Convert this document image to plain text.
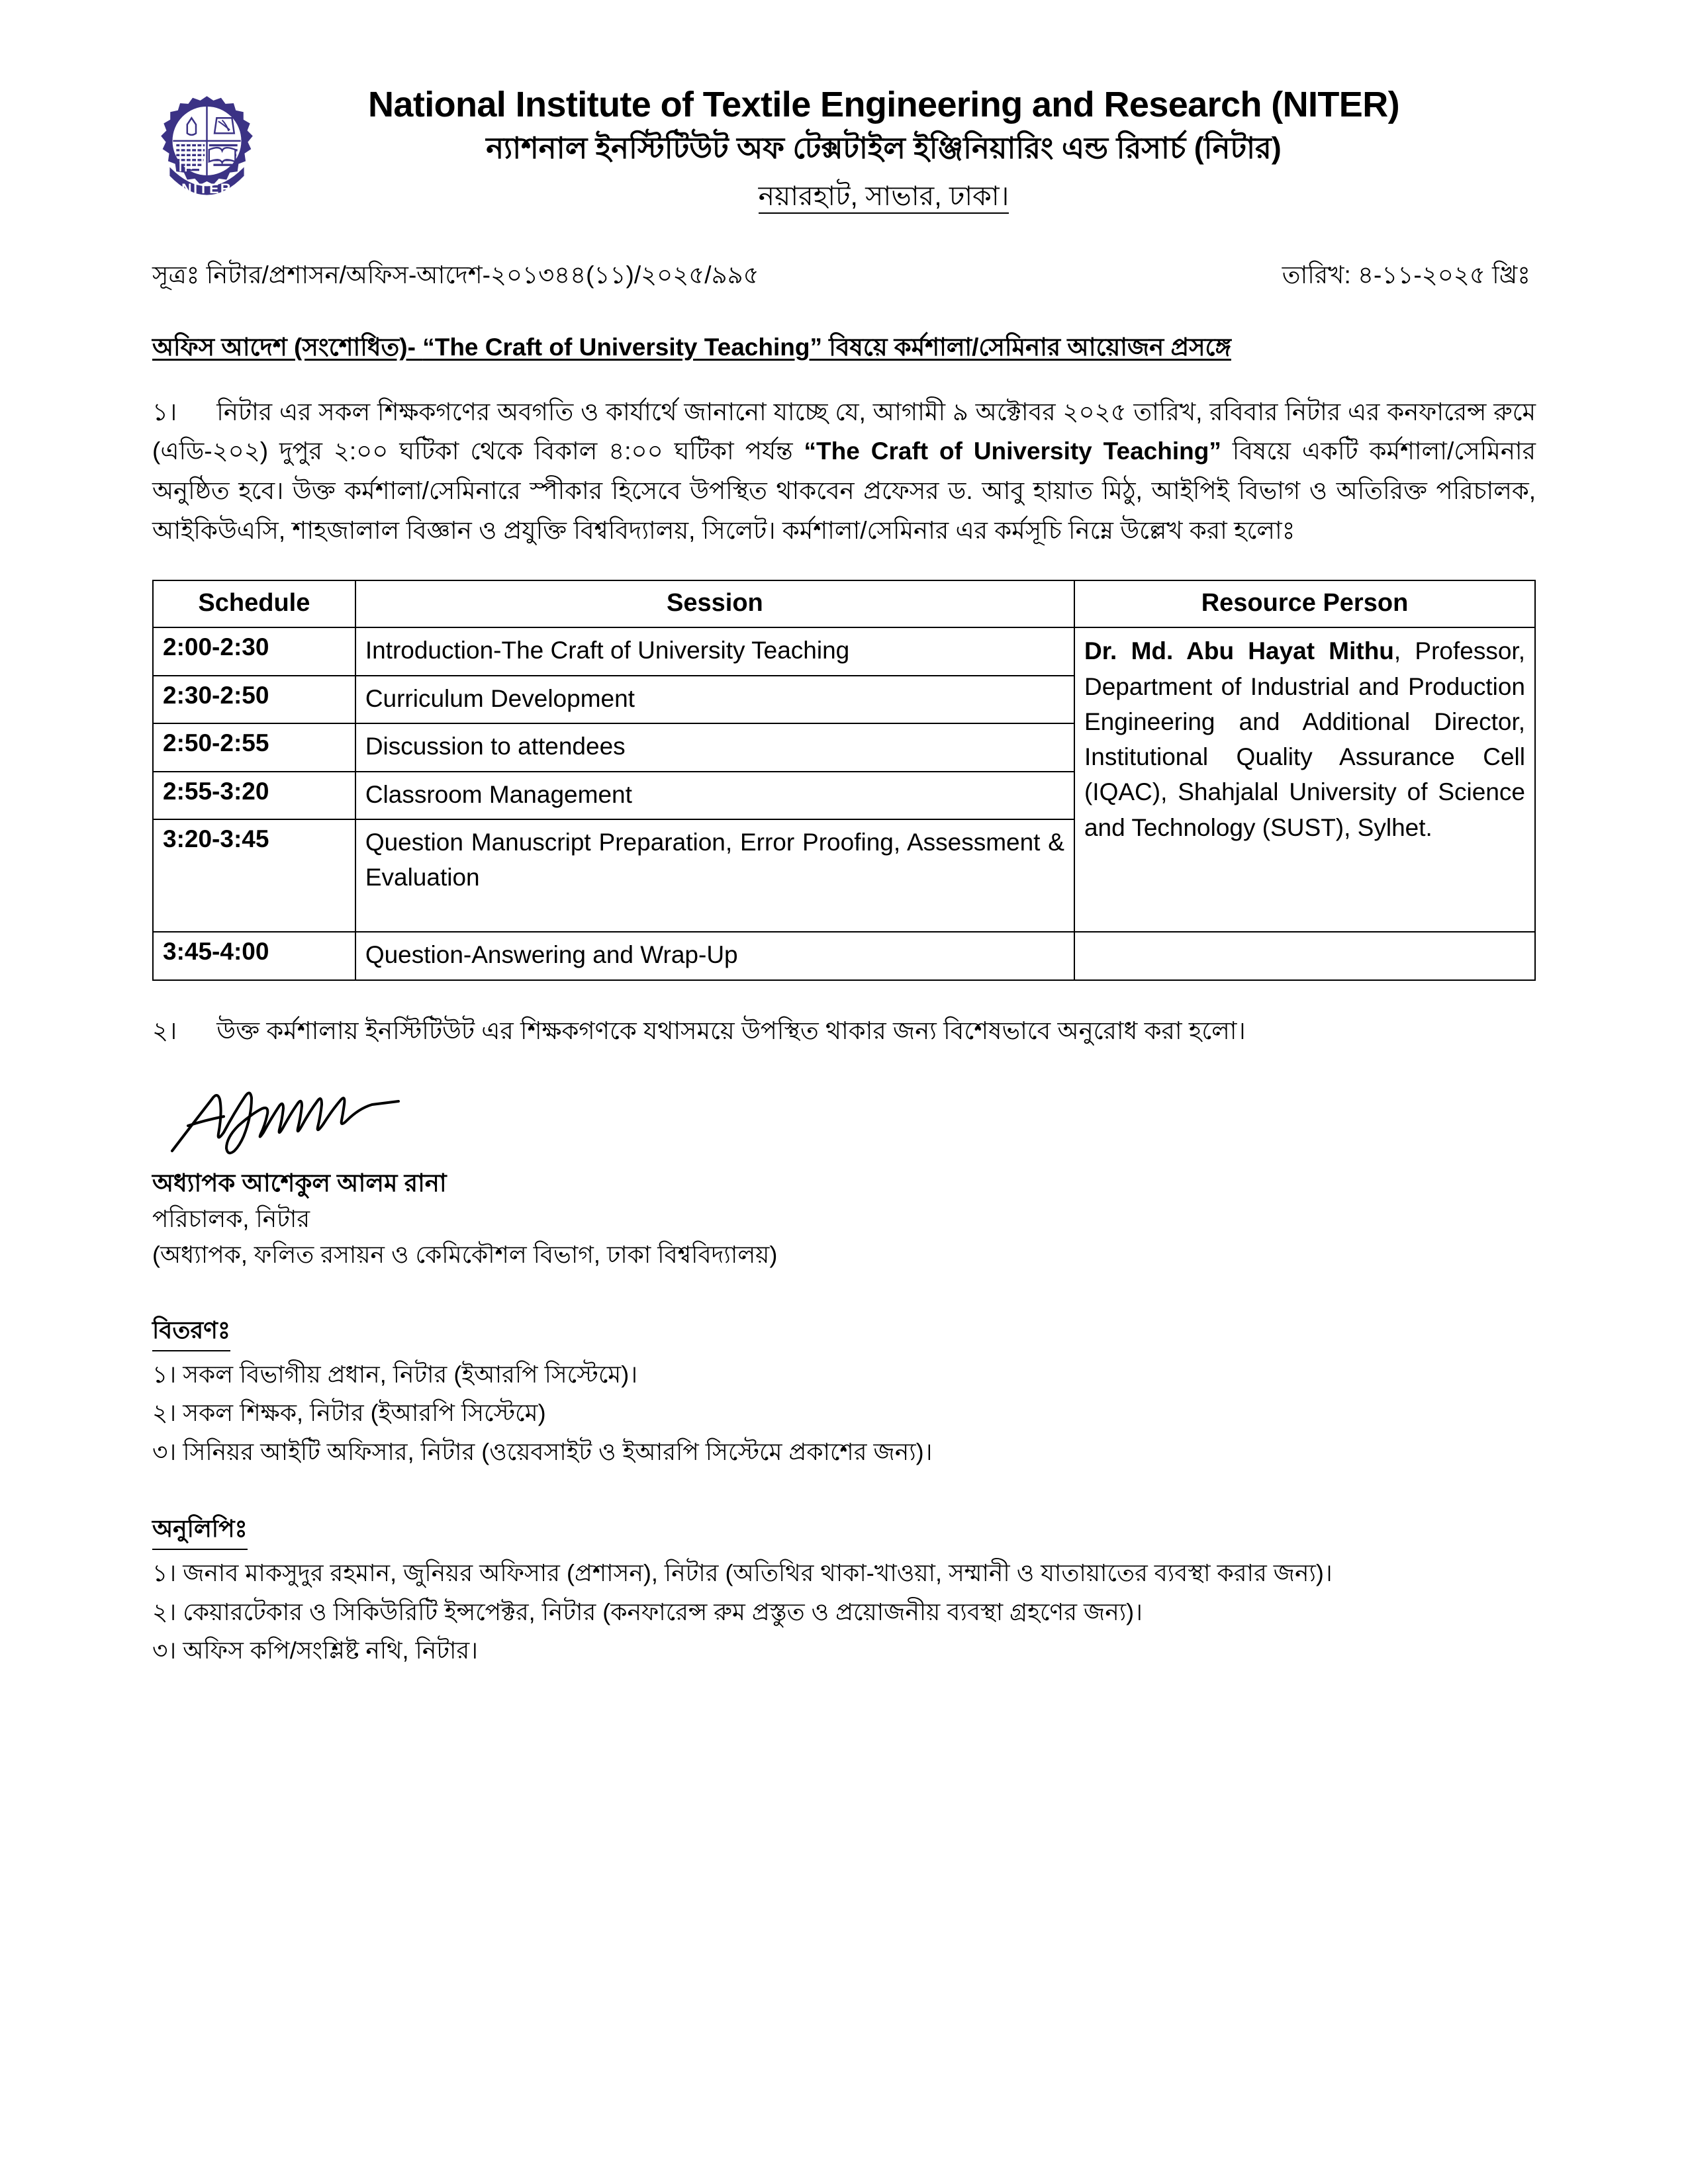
NITER
National Institute of Textile Engineering and Research (NITER)
ন্যাশনাল ইনস্টিটিউট অফ টেক্সটাইল ইঞ্জিনিয়ারিং এন্ড রিসার্চ (নিটার)
নয়ারহাট, সাভার, ঢাকা।
সূত্রঃ নিটার/প্রশাসন/অফিস-আদেশ-২০১৩৪৪(১১)/২০২৫/৯৯৫	তারিখ: ৪-১১-২০২৫ খ্রিঃ
অফিস আদেশ (সংশোধিত)- “The Craft of University Teaching” বিষয়ে কর্মশালা/সেমিনার আয়োজন প্রসঙ্গে
১। নিটার এর সকল শিক্ষকগণের অবগতি ও কার্যার্থে জানানো যাচ্ছে যে, আগামী ৯ অক্টোবর ২০২৫ তারিখ, রবিবার নিটার এর কনফারেন্স রুমে (এডি-২০২) দুপুর ২:০০ ঘটিকা থেকে বিকাল ৪:০০ ঘটিকা পর্যন্ত “The Craft of University Teaching” বিষয়ে একটি কর্মশালা/সেমিনার অনুষ্ঠিত হবে। উক্ত কর্মশালা/সেমিনারে স্পীকার হিসেবে উপস্থিত থাকবেন প্রফেসর ড. আবু হায়াত মিঠু, আইপিই বিভাগ ও অতিরিক্ত পরিচালক, আইকিউএসি, শাহজালাল বিজ্ঞান ও প্রযুক্তি বিশ্ববিদ্যালয়, সিলেট। কর্মশালা/সেমিনার এর কর্মসূচি নিম্নে উল্লেখ করা হলোঃ
Schedule	Session	Resource Person
2:00-2:30	Introduction-The Craft of University Teaching	Dr. Md. Abu Hayat Mithu, Professor, Department of Industrial and Production Engineering and Additional Director, Institutional Quality Assurance Cell (IQAC), Shahjalal University of Science and Technology (SUST), Sylhet.
2:30-2:50	Curriculum Development	
2:50-2:55	Discussion to attendees	
2:55-3:20	Classroom Management	
3:20-3:45	Question Manuscript Preparation, Error Proofing, Assessment & Evaluation	
3:45-4:00	Question-Answering and Wrap-Up	
২। উক্ত কর্মশালায় ইনস্টিটিউট এর শিক্ষকগণকে যথাসময়ে উপস্থিত থাকার জন্য বিশেষভাবে অনুরোধ করা হলো।
অধ্যাপক আশেকুল আলম রানা
পরিচালক, নিটার
(অধ্যাপক, ফলিত রসায়ন ও কেমিকৌশল বিভাগ, ঢাকা বিশ্ববিদ্যালয়)
বিতরণঃ
১। সকল বিভাগীয় প্রধান, নিটার (ইআরপি সিস্টেমে)।
২। সকল শিক্ষক, নিটার (ইআরপি সিস্টেমে)
৩। সিনিয়র আইটি অফিসার, নিটার (ওয়েবসাইট ও ইআরপি সিস্টেমে প্রকাশের জন্য)।
অনুলিপিঃ
১। জনাব মাকসুদুর রহমান, জুনিয়র অফিসার (প্রশাসন), নিটার (অতিথির থাকা-খাওয়া, সম্মানী ও যাতায়াতের ব্যবস্থা করার জন্য)।
২। কেয়ারটেকার ও সিকিউরিটি ইন্সপেক্টর, নিটার (কনফারেন্স রুম প্রস্তুত ও প্রয়োজনীয় ব্যবস্থা গ্রহণের জন্য)।
৩। অফিস কপি/সংশ্লিষ্ট নথি, নিটার।
